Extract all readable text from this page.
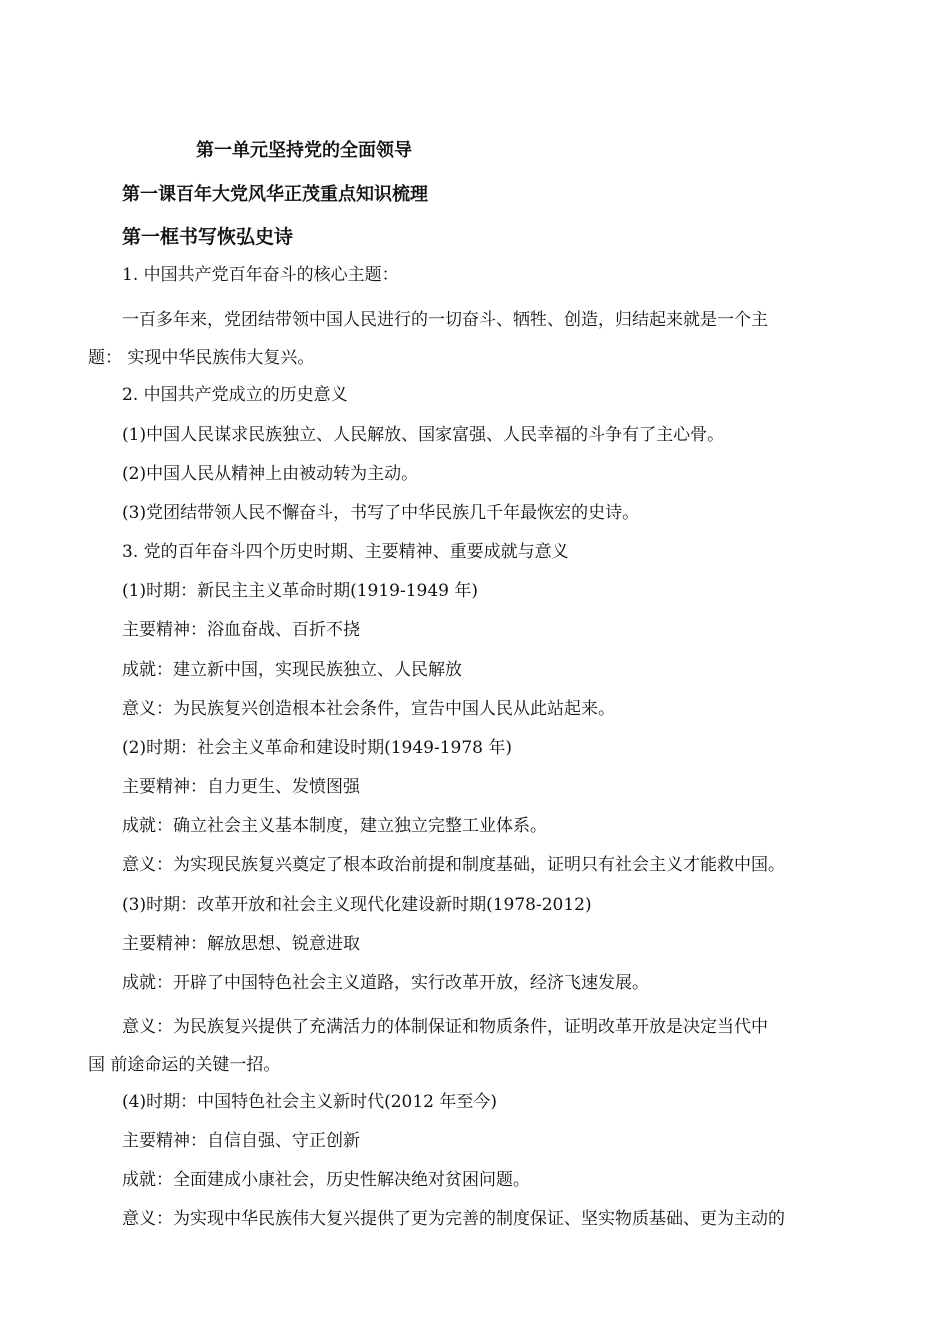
第一单元坚持党的全面领导
第一课百年大党风华正茂重点知识梳理
第一框书写恢弘史诗
1. 中国共产党百年奋斗的核心主题：
一百多年来，党团结带领中国人民进行的一切奋斗、牺牲、创造，归结起来就是一个主
题： 实现中华民族伟大复兴。
2. 中国共产党成立的历史意义
(1)中国人民谋求民族独立、人民解放、国家富强、人民幸福的斗争有了主心骨。
(2)中国人民从精神上由被动转为主动。
(3)党团结带领人民不懈奋斗，书写了中华民族几千年最恢宏的史诗。
3. 党的百年奋斗四个历史时期、主要精神、重要成就与意义
(1)时期：新民主主义革命时期(1919-1949 年)
主要精神：浴血奋战、百折不挠
成就：建立新中国，实现民族独立、人民解放
意义：为民族复兴创造根本社会条件，宣告中国人民从此站起来。
(2)时期：社会主义革命和建设时期(1949-1978 年)
主要精神：自力更生、发愤图强
成就：确立社会主义基本制度，建立独立完整工业体系。
意义：为实现民族复兴奠定了根本政治前提和制度基础，证明只有社会主义才能救中国。
(3)时期：改革开放和社会主义现代化建设新时期(1978-2012)
主要精神：解放思想、锐意进取
成就：开辟了中国特色社会主义道路，实行改革开放，经济飞速发展。
意义：为民族复兴提供了充满活力的体制保证和物质条件，证明改革开放是决定当代中
国 前途命运的关键一招。
(4)时期：中国特色社会主义新时代(2012 年至今)
主要精神：自信自强、守正创新
成就：全面建成小康社会，历史性解决绝对贫困问题。
意义：为实现中华民族伟大复兴提供了更为完善的制度保证、坚实物质基础、更为主动的
